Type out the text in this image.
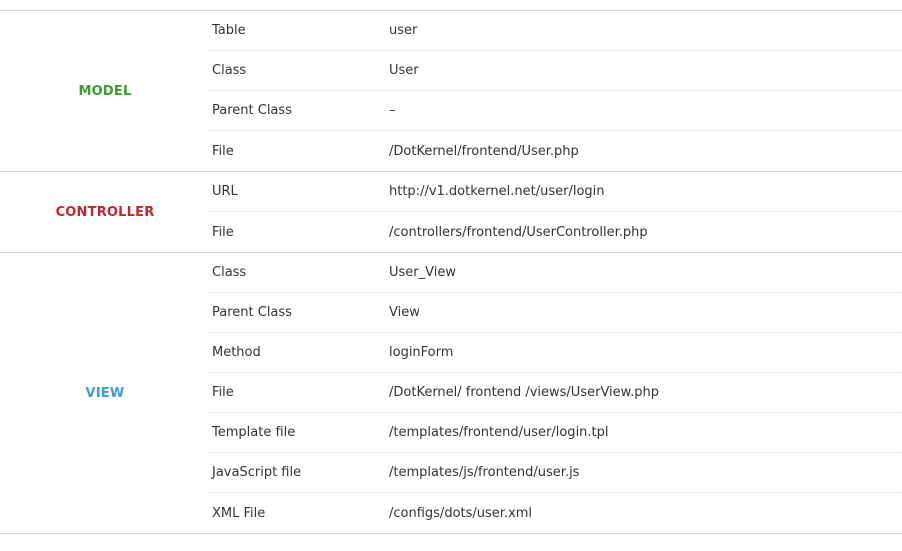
MODEL
Table	user
Class	User
Parent Class	–
File	/DotKernel/frontend/User.php
CONTROLLER
URL	http://v1.dotkernel.net/user/login
File	/controllers/frontend/UserController.php
VIEW
Class	User_View
Parent Class	View
Method	loginForm
File	/DotKernel/ frontend /views/UserView.php
Template file	/templates/frontend/user/login.tpl
JavaScript file	/templates/js/frontend/user.js
XML File	/configs/dots/user.xml
